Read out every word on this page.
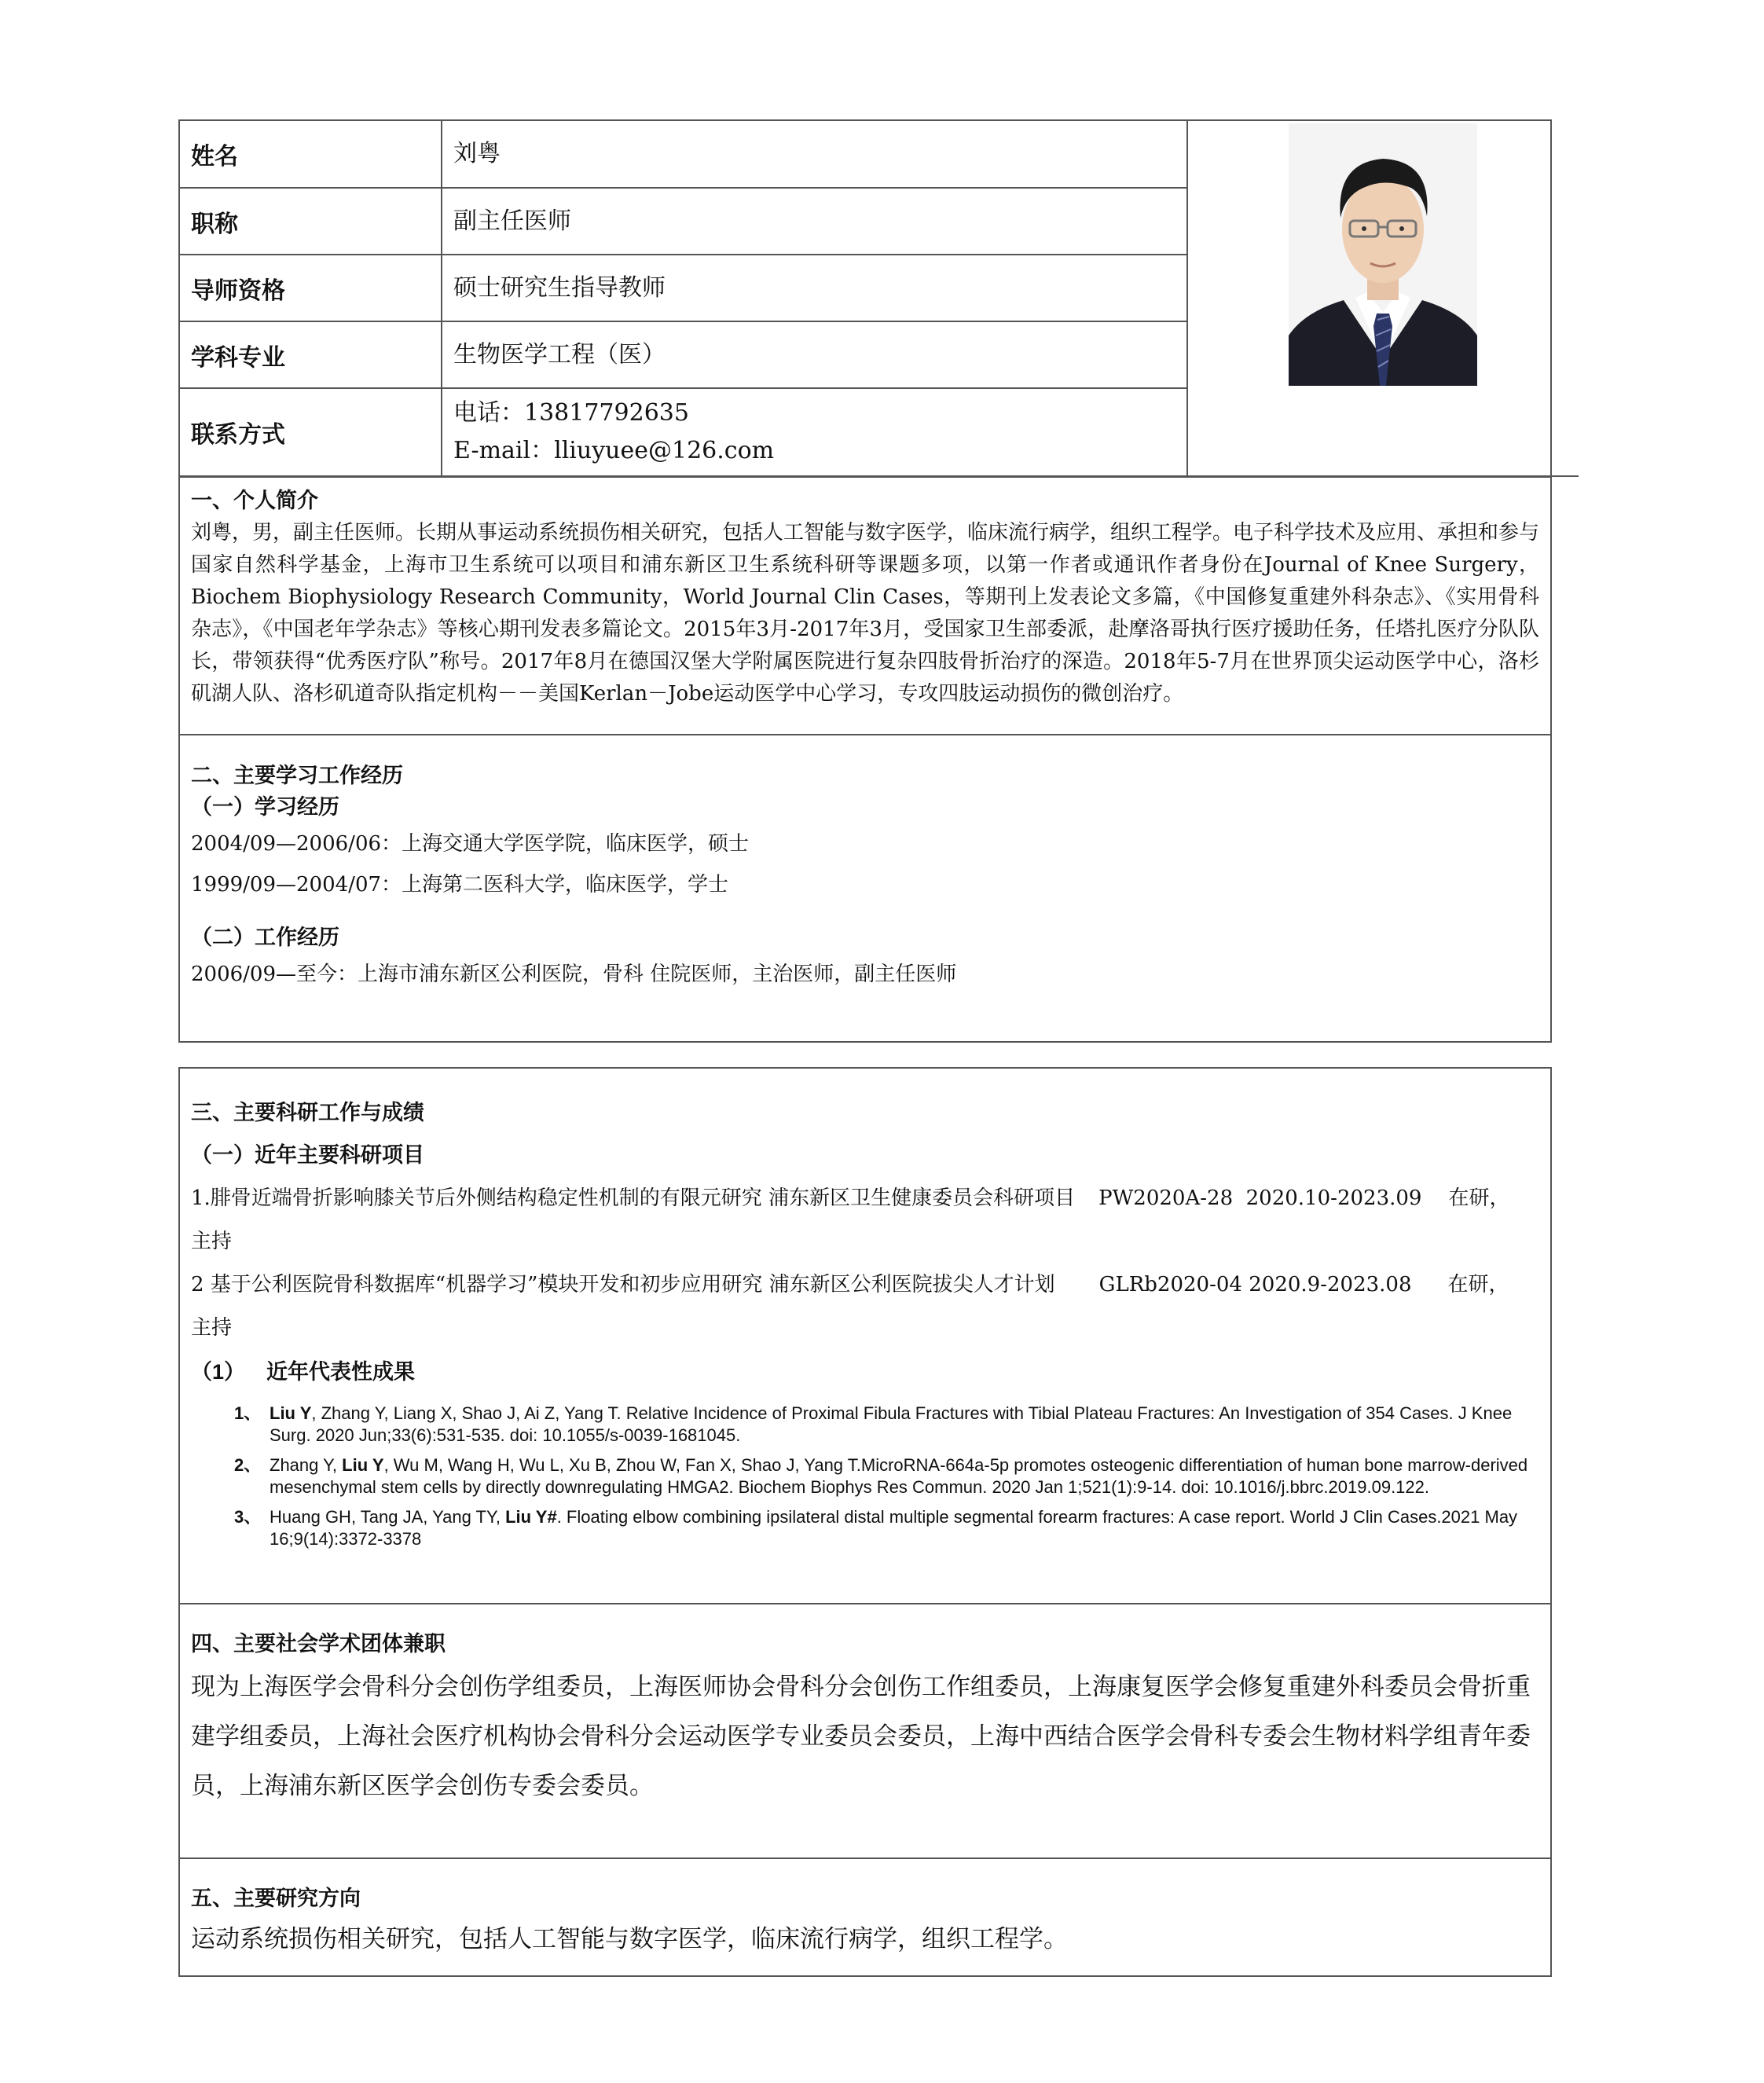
姓名	刘粤

职称	副主任医师	

导师资格	硕士研究生指导教师	

学科专业	生物医学工程（医）	

联系方式	电话：13817792635
E-mail：lliuyuee@126.com	

一、个人简介

刘粤，男，副主任医师。长期从事运动系统损伤相关研究，包括人工智能与数字医学，临床流行病学，组织工程学。电子科学技术及应用、承担和参与国家自然科学基金，上海市卫生系统可以项目和浦东新区卫生系统科研等课题多项，以第一作者或通讯作者身份在Journal of Knee Surgery，Biochem Biophysiology Research Community，World Journal Clin Cases，等期刊上发表论文多篇，《中国修复重建外科杂志》、《实用骨科杂志》，《中国老年学杂志》等核心期刊发表多篇论文。2015年3月-2017年3月，受国家卫生部委派，赴摩洛哥执行医疗援助任务，任塔扎医疗分队队长，带领获得“优秀医疗队”称号。2017年8月在德国汉堡大学附属医院进行复杂四肢骨折治疗的深造。2018年5-7月在世界顶尖运动医学中心，洛杉矶湖人队、洛杉矶道奇队指定机构－－美国Kerlan－Jobe运动医学中心学习，专攻四肢运动损伤的微创治疗。

二、主要学习工作经历

（一）学习经历

2004/09—2006/06：上海交通大学医学院，临床医学，硕士

1999/09—2004/07：上海第二医科大学，临床医学，学士

（二）工作经历

2006/09—至今：上海市浦东新区公利医院，骨科 住院医师，主治医师，副主任医师

三、主要科研工作与成绩

（一）近年主要科研项目

1.腓骨近端骨折影响膝关节后外侧结构稳定性机制的有限元研究 浦东新区卫生健康委员会科研项目 PW2020A-28 2020.10-2023.09 在研，
主持
2 基于公利医院骨科数据库“机器学习”模块开发和初步应用研究 浦东新区公利医院拔尖人才计划 GLRb2020-04 2020.9-2023.08 在研，
主持

（1） 近年代表性成果

1、 Liu Y, Zhang Y, Liang X, Shao J, Ai Z, Yang T. Relative Incidence of Proximal Fibula Fractures with Tibial Plateau Fractures: An Investigation of 354 Cases. J Knee Surg. 2020 Jun;33(6):531-535. doi: 10.1055/s-0039-1681045.
2、 Zhang Y, Liu Y, Wu M, Wang H, Wu L, Xu B, Zhou W, Fan X, Shao J, Yang T.MicroRNA-664a-5p promotes osteogenic differentiation of human bone marrow-derived mesenchymal stem cells by directly downregulating HMGA2. Biochem Biophys Res Commun. 2020 Jan 1;521(1):9-14. doi: 10.1016/j.bbrc.2019.09.122.
3、 Huang GH, Tang JA, Yang TY, Liu Y#. Floating elbow combining ipsilateral distal multiple segmental forearm fractures: A case report. World J Clin Cases.2021 May 16;9(14):3372-3378

四、主要社会学术团体兼职

现为上海医学会骨科分会创伤学组委员，上海医师协会骨科分会创伤工作组委员，上海康复医学会修复重建外科委员会骨折重建学组委员，上海社会医疗机构协会骨科分会运动医学专业委员会委员，上海中西结合医学会骨科专委会生物材料学组青年委员，上海浦东新区医学会创伤专委会委员。

五、主要研究方向

运动系统损伤相关研究，包括人工智能与数字医学，临床流行病学，组织工程学。
